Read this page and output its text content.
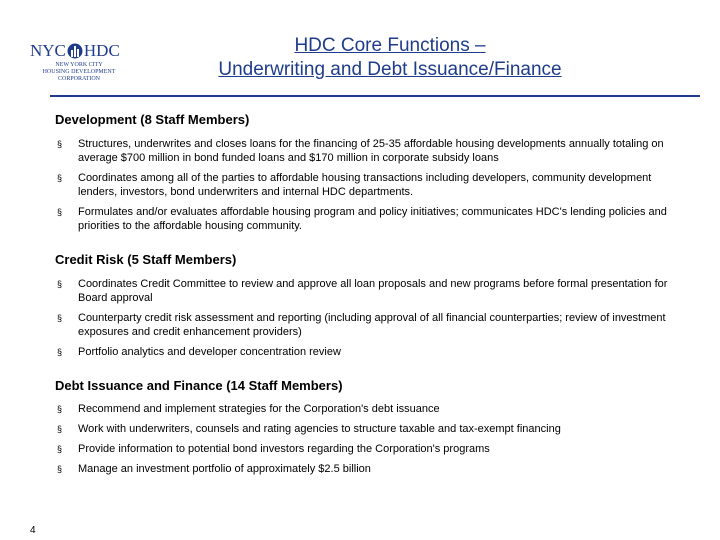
NYC HDC
NEW YORK CITY
HOUSING DEVELOPMENT
CORPORATION
HDC Core Functions –
Underwriting and Debt Issuance/Finance
Development (8 Staff Members)
§ Structures, underwrites and closes loans for the financing of 25-35 affordable housing developments annually totaling on average $700 million in bond funded loans and $170 million in corporate subsidy loans
§ Coordinates among all of the parties to affordable housing transactions including developers, community development lenders, investors, bond underwriters and internal HDC departments.
§ Formulates and/or evaluates affordable housing program and policy initiatives; communicates HDC's lending policies and priorities to the affordable housing community.
Credit Risk (5 Staff Members)
§ Coordinates Credit Committee to review and approve all loan proposals and new programs before formal presentation for Board approval
§ Counterparty credit risk assessment and reporting (including approval of all financial counterparties; review of investment exposures and credit enhancement providers)
§ Portfolio analytics and developer concentration review
Debt Issuance and Finance (14 Staff Members)
§ Recommend and implement strategies for the Corporation's debt issuance
§ Work with underwriters, counsels and rating agencies to structure taxable and tax-exempt financing
§ Provide information to potential bond investors regarding the Corporation's programs
§ Manage an investment portfolio of approximately $2.5 billion
4
